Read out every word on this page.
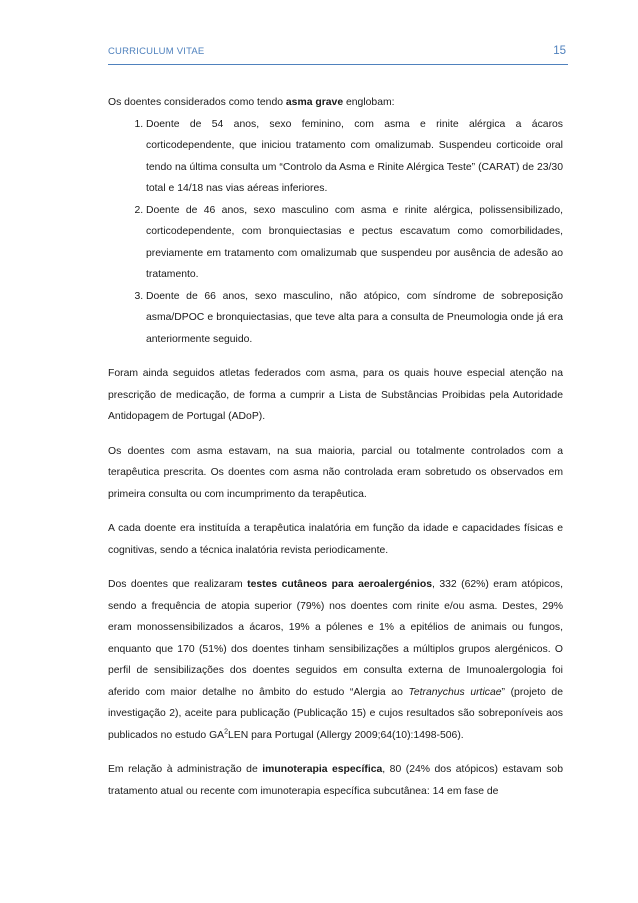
CURRICULUM VITAE	15

Os doentes considerados como tendo asma grave englobam:

1. Doente de 54 anos, sexo feminino, com asma e rinite alérgica a ácaros corticodependente, que iniciou tratamento com omalizumab. Suspendeu corticoide oral tendo na última consulta um “Controlo da Asma e Rinite Alérgica Teste” (CARAT) de 23/30 total e 14/18 nas vias aéreas inferiores.
2. Doente de 46 anos, sexo masculino com asma e rinite alérgica, polissensibilizado, corticodependente, com bronquiectasias e pectus escavatum como comorbilidades, previamente em tratamento com omalizumab que suspendeu por ausência de adesão ao tratamento.
3. Doente de 66 anos, sexo masculino, não atópico, com síndrome de sobreposição asma/DPOC e bronquiectasias, que teve alta para a consulta de Pneumologia onde já era anteriormente seguido.

Foram ainda seguidos atletas federados com asma, para os quais houve especial atenção na prescrição de medicação, de forma a cumprir a Lista de Substâncias Proibidas pela Autoridade Antidopagem de Portugal (ADoP).

Os doentes com asma estavam, na sua maioria, parcial ou totalmente controlados com a terapêutica prescrita. Os doentes com asma não controlada eram sobretudo os observados em primeira consulta ou com incumprimento da terapêutica.

A cada doente era instituída a terapêutica inalatória em função da idade e capacidades físicas e cognitivas, sendo a técnica inalatória revista periodicamente.

Dos doentes que realizaram testes cutâneos para aeroalergénios, 332 (62%) eram atópicos, sendo a frequência de atopia superior (79%) nos doentes com rinite e/ou asma. Destes, 29% eram monossensibilizados a ácaros, 19% a pólenes e 1% a epitélios de animais ou fungos, enquanto que 170 (51%) dos doentes tinham sensibilizações a múltiplos grupos alergénicos. O perfil de sensibilizações dos doentes seguidos em consulta externa de Imunoalergologia foi aferido com maior detalhe no âmbito do estudo “Alergia ao Tetranychus urticae” (projeto de investigação 2), aceite para publicação (Publicação 15) e cujos resultados são sobreponíveis aos publicados no estudo $GA^2LEN$ para Portugal (Allergy 2009;64(10):1498-506).

Em relação à administração de imunoterapia específica, 80 (24% dos atópicos) estavam sob tratamento atual ou recente com imunoterapia específica subcutânea: 14 em fase de
